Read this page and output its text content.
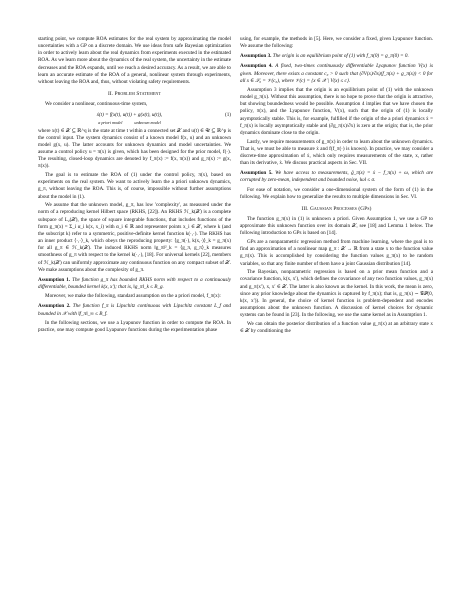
starting point, we compute ROA estimates for the real system by approximating the model uncertainties with a GP on a discrete domain. We use ideas from safe Bayesian optimization in order to actively learn about the real dynamics from experiments executed in the estimated ROA. As we learn more about the dynamics of the real system, the uncertainty in the estimate decreases and the ROA expands, until we reach a desired accuracy. As a result, we are able to learn an accurate estimate of the ROA of a general, nonlinear system through experiments, without leaving the ROA and, thus, without violating safety requirements.

II. Problem Statement

We consider a nonlinear, continuous-time system,

ẋ(t) = f(x(t), u(t)) + g(x(t), u(t)),
a priori model	unknown model
(1)

where x(t) ∈ 𝒳 ⊆ ℝ^q is the state at time t within a connected set 𝒳 and u(t) ∈ 𝒰 ⊆ ℝ^p is the control input. The system dynamics consist of a known model f(x, u) and an unknown model g(x, u). The latter accounts for unknown dynamics and model uncertainties. We assume a control policy u = π(x) is given, which has been designed for the prior model, f(·). The resulting, closed-loop dynamics are denoted by f_π(x) := f(x, π(x)) and g_π(x) := g(x, π(x)).

The goal is to estimate the ROA of (1) under the control policy, π(x), based on experiments on the real system. We want to actively learn the a priori unknown dynamics, g_π, without leaving the ROA. This is, of course, impossible without further assumptions about the model in (1).

We assume that the unknown model, g_π, has low 'complexity', as measured under the norm of a reproducing kernel Hilbert space (RKHS, [22]). An RKHS ℋ_k(𝒳) is a complete subspace of L₂(𝒳), the space of square integrable functions, that includes functions of the form g_π(x) = Σ_i α_i k(x, x_i) with α_i ∈ ℝ and representer points x_i ∈ 𝒳, where k (and the subscript k) refer to a symmetric, positive-definite kernel function k(·,·). The RKHS has an inner product ⟨·,·⟩_k, which obeys the reproducing property: ⟨g_π(·), k(x,·)⟩_k = g_π(x) for all g_π ∈ ℋ_k(𝒳). The induced RKHS norm ‖g_π‖²_k = ⟨g_π, g_π⟩_k measures smoothness of g_π with respect to the kernel k(·,·), [18]. For universal kernels [22], members of ℋ_k(𝒳) can uniformly approximate any continuous function on any compact subset of 𝒳. We make assumptions about the complexity of g_π.

Assumption 1. The function g_π has bounded RKHS norm with respect to a continuously differentiable, bounded kernel k(x, x′); that is, ‖g_π‖_k ≤ B_g.

Moreover, we make the following, standard assumption on the a priori model, f_π(x):

Assumption 2. The function f_π is Lipschitz continuous with Lipschitz constant L_f and bounded in 𝒳 with ‖f_π‖_∞ ≤ B_f.

In the following sections, we use a Lyapunov function in order to compute the ROA. In practice, one may compute good Lyapunov functions during the experimentation phase

using, for example, the methods in [5]. Here, we consider a fixed, given Lyapunov function. We assume the following:

Assumption 3. The origin is an equilibrium point of (1) with f_π(0) = g_π(0) = 0.
Assumption 4. A fixed, two-times continuously differentiable Lyapunov function V(x) is given. Moreover, there exists a constant c₀ > 0 such that (∂V(x)/∂x)(f_π(x) + g_π(x)) < 0 for all x ∈ 𝒮₀ = 𝒱(c₀), where 𝒱(c) = {x ∈ 𝒳 | V(x) ≤ c}.

Assumption 3 implies that the origin is an equilibrium point of (1) with the unknown model g_π(x). Without this assumption, there is no hope to prove that the origin is attractive, but showing boundedness would be possible. Assumption 4 implies that we have chosen the policy, π(x), and the Lyapunov function, V(x), such that the origin of (1) is locally asymptotically stable. This is, for example, fulfilled if the origin of the a priori dynamics ẋ = f_π(x) is locally asymptotically stable and (∂g_π(x)/∂x) is zero at the origin; that is, the prior dynamics dominate close to the origin.

Lastly, we require measurements of g_π(x) in order to learn about the unknown dynamics. That is, we must be able to measure ẋ and f(f_π(·) is known). In practice, we may consider a discrete-time approximation of ẋ, which only requires measurements of the state, x, rather than its derivative, ẋ. We discuss practical aspects in Sec. VII.

Assumption 5. We have access to measurements, ĝ_π(x) = ẋ − f_π(x) + ω, which are corrupted by zero-mean, independent and bounded noise, ‖ω‖ ≤ σ.

For ease of notation, we consider a one-dimensional system of the form of (1) in the following. We explain how to generalize the results to multiple dimensions in Sec. VI.

III. Gaussian Processes (GPs)

The function g_π(x) in (1) is unknown a priori. Given Assumption 1, we use a GP to approximate this unknown function over its domain 𝒳, see [18] and Lemma 1 below. The following introduction to GPs is based on [14].

GPs are a nonparametric regression method from machine learning, where the goal is to find an approximation of a nonlinear map g_π : 𝒳 → ℝ from a state x to the function value g_π(x). This is accomplished by considering the function values g_π(x) to be random variables, so that any finite number of them have a joint Gaussian distribution [14].

The Bayesian, nonparametric regression is based on a prior mean function and a covariance function, k(x, x′), which defines the covariance of any two function values, g_π(x) and g_π(x′), x, x′ ∈ 𝒳. The latter is also known as the kernel. In this work, the mean is zero, since any prior knowledge about the dynamics is captured by f_π(x); that is, g_π(x) ∼ 𝒢𝒫(0, k(x, x′)). In general, the choice of kernel function is problem-dependent and encodes assumptions about the unknown function. A discussion of kernel choices for dynamic systems can be found in [23]. In the following, we use the same kernel as in Assumption 1.

We can obtain the posterior distribution of a function value g_π(x) at an arbitrary state x ∈ 𝒳 by conditioning the
